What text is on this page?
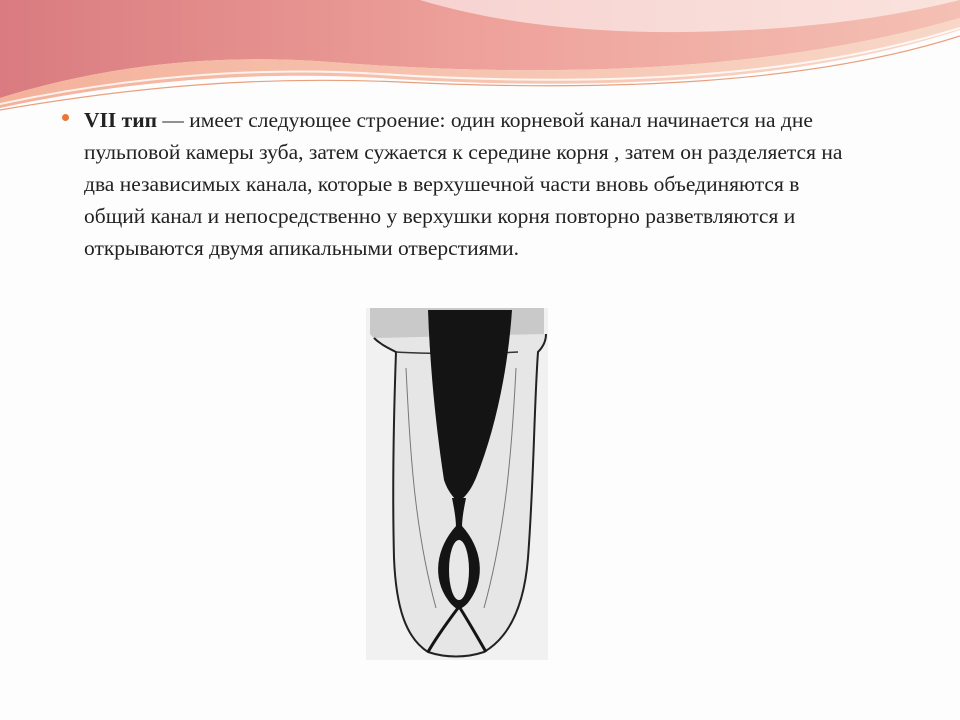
VII тип — имеет следующее строение: один корневой канал начинается на дне пульповой камеры зуба, затем сужается к середине корня , затем он разделяется на два независимых канала, которые в верхушечной части вновь объединяются в общий канал и непосредственно у верхушки корня повторно разветвляются и открываются двумя апикальными отверстиями.
